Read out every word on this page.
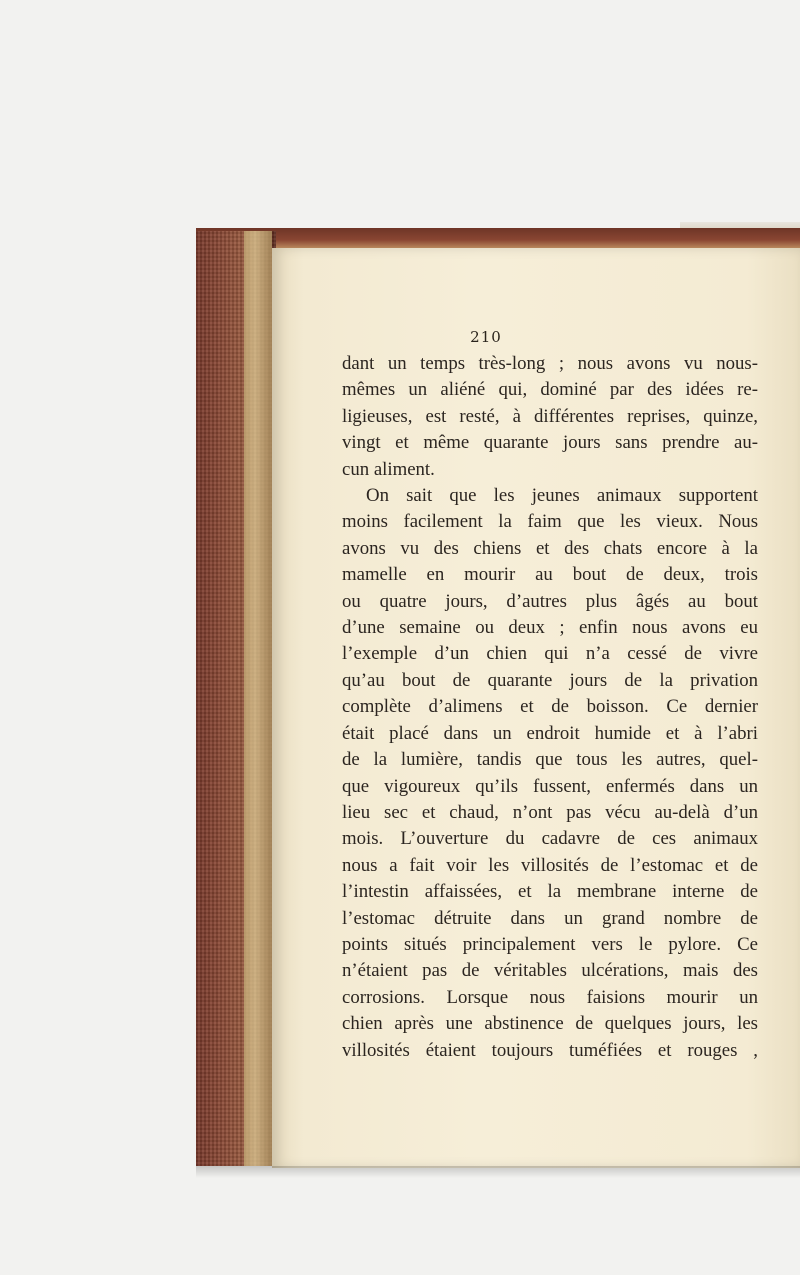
210

dant un temps très-long ; nous avons vu nous-
mêmes un aliéné qui, dominé par des idées re-
ligieuses, est resté, à différentes reprises, quinze,
vingt et même quarante jours sans prendre au-
cun aliment.

On sait que les jeunes animaux supportent
moins facilement la faim que les vieux. Nous
avons vu des chiens et des chats encore à la
mamelle en mourir au bout de deux, trois
ou quatre jours, d’autres plus âgés au bout
d’une semaine ou deux ; enfin nous avons eu
l’exemple d’un chien qui n’a cessé de vivre
qu’au bout de quarante jours de la privation
complète d’alimens et de boisson. Ce dernier
était placé dans un endroit humide et à l’abri
de la lumière, tandis que tous les autres, quel-
que vigoureux qu’ils fussent, enfermés dans un
lieu sec et chaud, n’ont pas vécu au-delà d’un
mois. L’ouverture du cadavre de ces animaux
nous a fait voir les villosités de l’estomac et de
l’intestin affaissées, et la membrane interne de
l’estomac détruite dans un grand nombre de
points situés principalement vers le pylore. Ce
n’étaient pas de véritables ulcérations, mais des
corrosions. Lorsque nous faisions mourir un
chien après une abstinence de quelques jours, les
villosités étaient toujours tuméfiées et rouges ,
